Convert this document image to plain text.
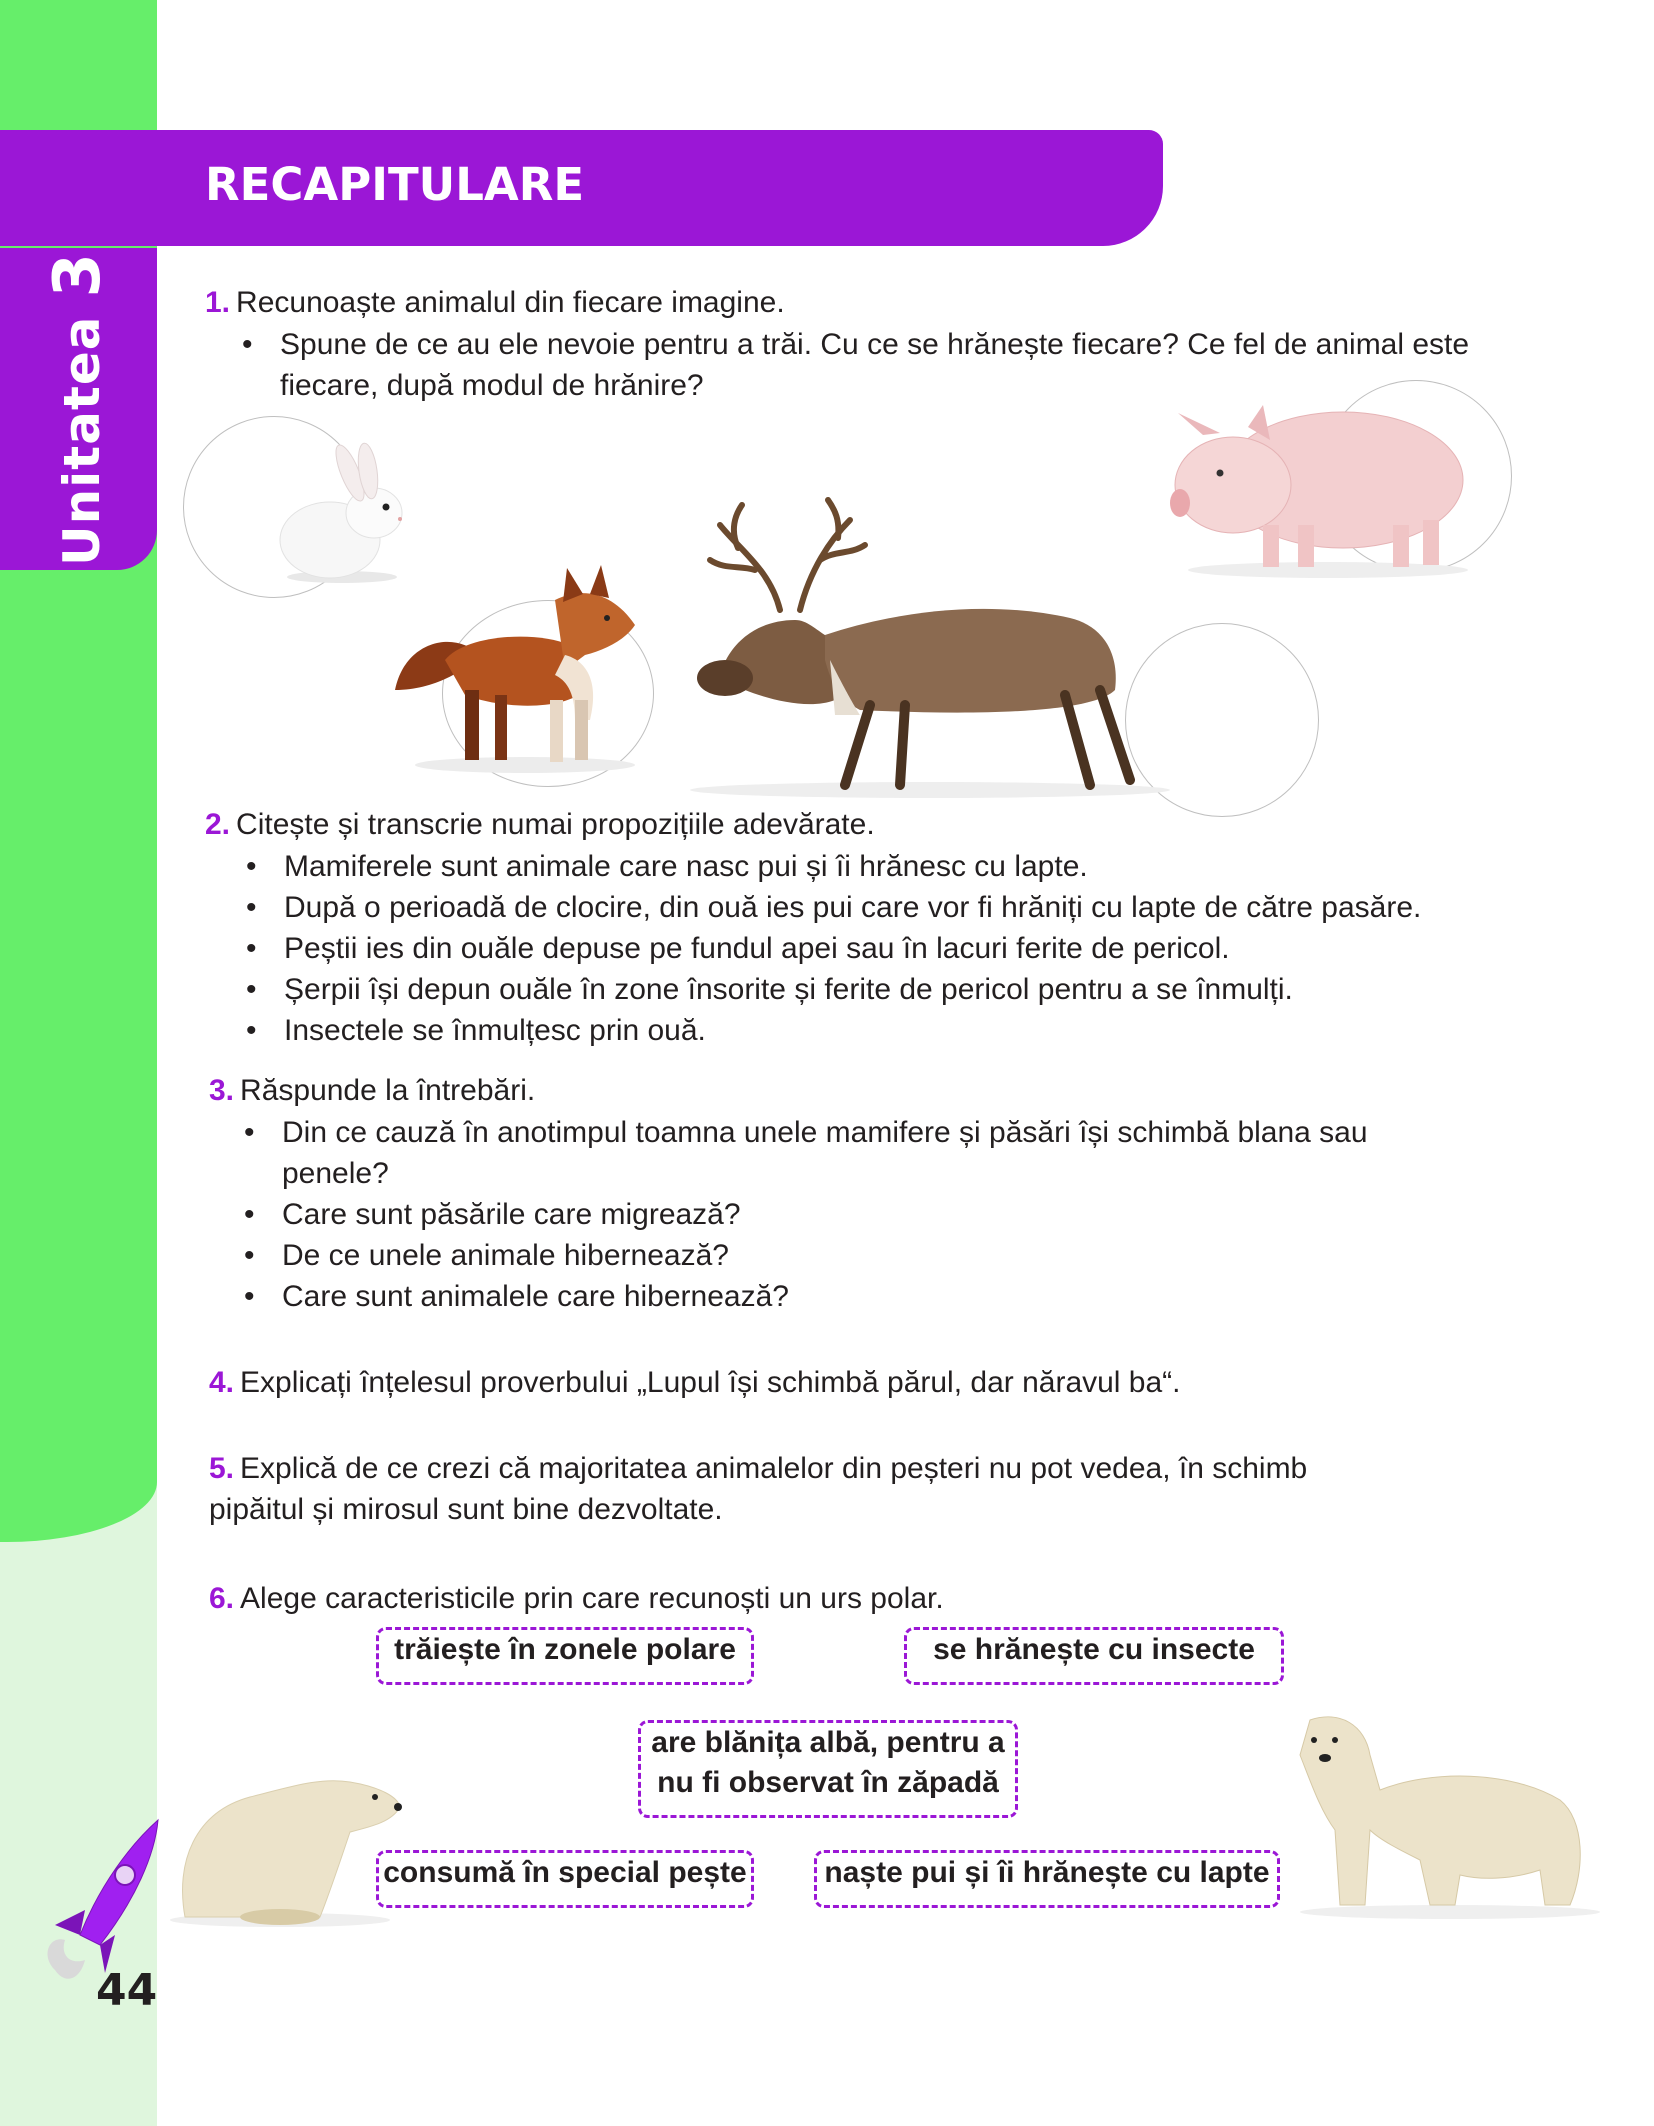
Unitatea3
RECAPITULARE
1. Recunoaște animalul din fiecare imagine.
• Spune de ce au ele nevoie pentru a trăi. Cu ce se hrănește fiecare? Ce fel de animal este fiecare, după modul de hrănire?
2. Citește și transcrie numai propozițiile adevărate.
• Mamiferele sunt animale care nasc pui și îi hrănesc cu lapte.
• După o perioadă de clocire, din ouă ies pui care vor fi hrăniți cu lapte de către pasăre.
• Peștii ies din ouăle depuse pe fundul apei sau în lacuri ferite de pericol.
• Șerpii își depun ouăle în zone însorite și ferite de pericol pentru a se înmulți.
• Insectele se înmulțesc prin ouă.
3. Răspunde la întrebări.
• Din ce cauză în anotimpul toamna unele mamifere și păsări își schimbă blana sau penele?
• Care sunt păsările care migrează?
• De ce unele animale hibernează?
• Care sunt animalele care hibernează?
4. Explicați înțelesul proverbului „Lupul își schimbă părul, dar năravul ba“.
5. Explică de ce crezi că majoritatea animalelor din peșteri nu pot vedea, în schimb pipăitul și mirosul sunt bine dezvoltate.
6. Alege caracteristicile prin care recunoști un urs polar.
trăiește în zonele polare	se hrănește cu insecte
are blănița albă, pentru a nu fi observat în zăpadă
consumă în special pește	naște pui și îi hrănește cu lapte
44
